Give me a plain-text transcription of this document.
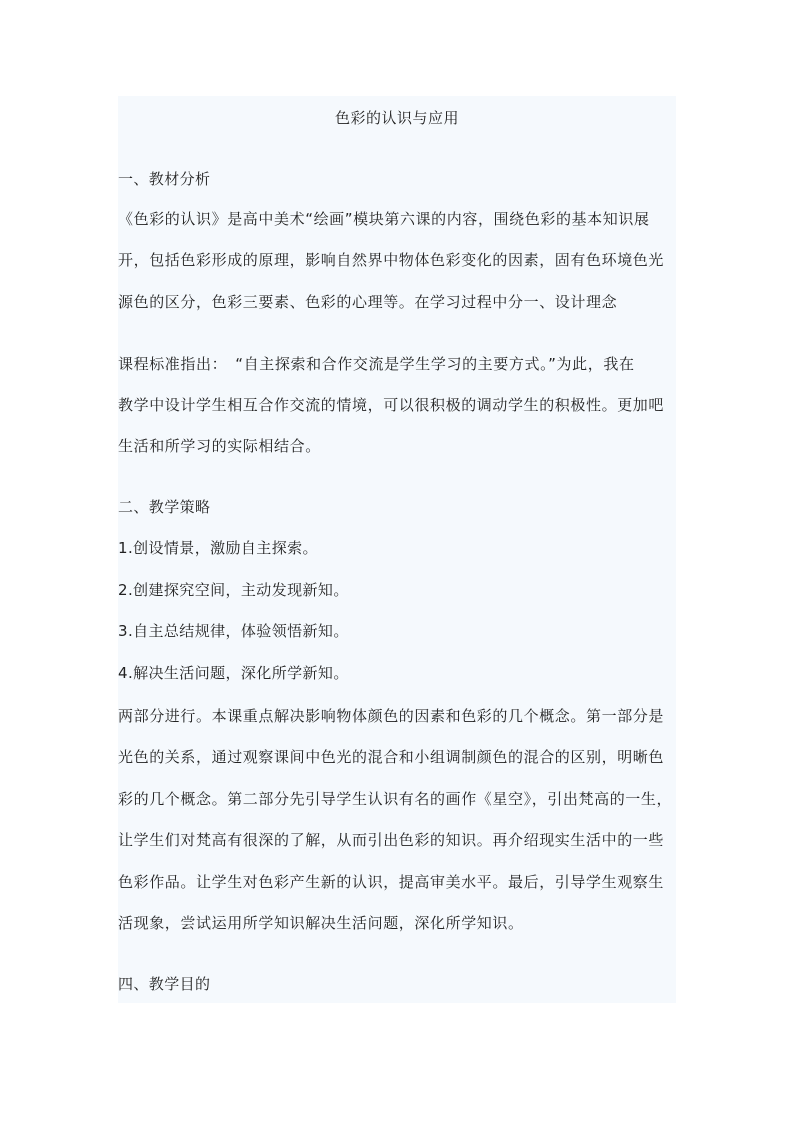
色彩的认识与应用
一、教材分析
《色彩的认识》是高中美术“绘画”模块第六课的内容，围绕色彩的基本知识展
开，包括色彩形成的原理，影响自然界中物体色彩变化的因素，固有色环境色光
源色的区分，色彩三要素、色彩的心理等。在学习过程中分一、设计理念
课程标准指出：　“自主探索和合作交流是学生学习的主要方式。”为此，我在
教学中设计学生相互合作交流的情境，可以很积极的调动学生的积极性。更加吧
生活和所学习的实际相结合。
二、教学策略
1.创设情景，激励自主探索。
2.创建探究空间，主动发现新知。
3.自主总结规律，体验领悟新知。
4.解决生活问题，深化所学新知。
两部分进行。本课重点解决影响物体颜色的因素和色彩的几个概念。第一部分是
光色的关系，通过观察课间中色光的混合和小组调制颜色的混合的区别，明晰色
彩的几个概念。第二部分先引导学生认识有名的画作《星空》，引出梵高的一生，
让学生们对梵高有很深的了解，从而引出色彩的知识。再介绍现实生活中的一些
色彩作品。让学生对色彩产生新的认识，提高审美水平。最后，引导学生观察生
活现象，尝试运用所学知识解决生活问题，深化所学知识。
四、教学目的
